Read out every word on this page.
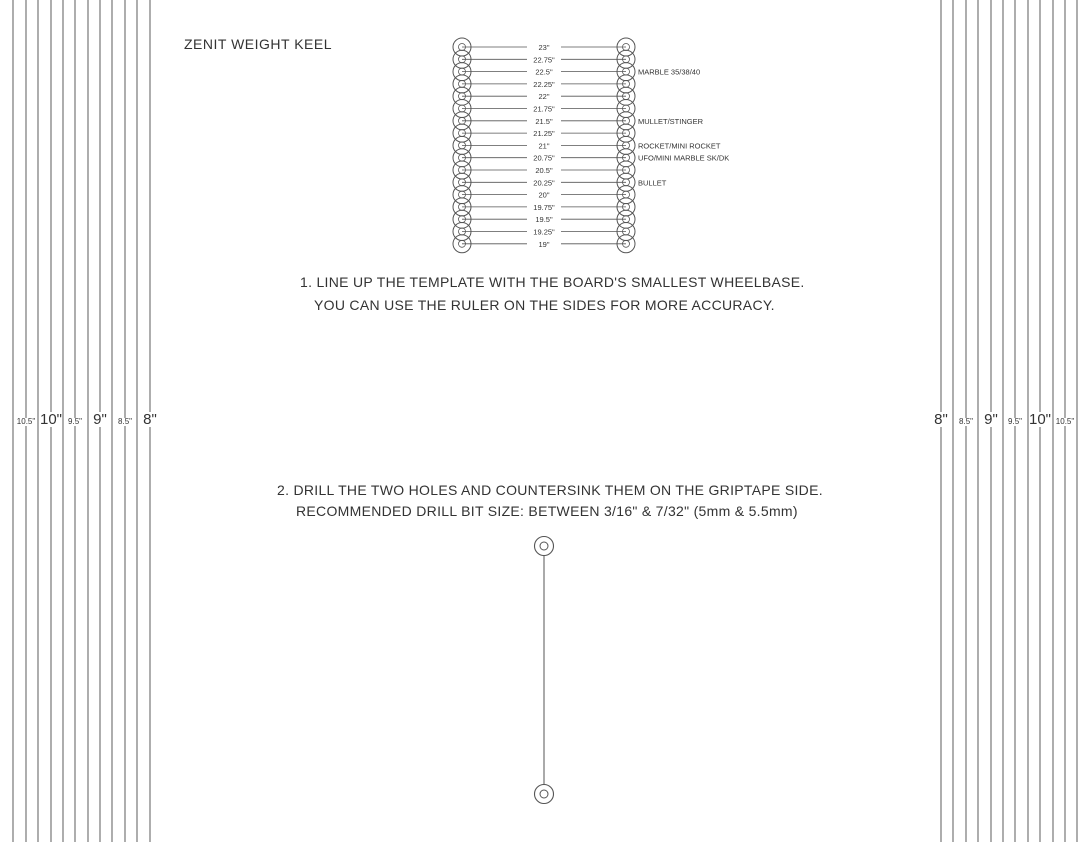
23"
22.75"
22.5"
22.25"
22"
21.75"
21.5"
21.25"
21"
20.75"
20.5"
20.25"
20"
19.75"
19.5"
19.25"
19"
MARBLE 35/38/40
MULLET/STINGER
ROCKET/MINI ROCKET
UFO/MINI MARBLE SK/DK
BULLET
ZENIT WEIGHT KEEL
1. LINE UP THE TEMPLATE WITH THE BOARD'S SMALLEST WHEELBASE.
YOU CAN USE THE RULER ON THE SIDES FOR MORE ACCURACY.
2. DRILL THE TWO HOLES AND COUNTERSINK THEM ON THE GRIPTAPE SIDE.
RECOMMENDED DRILL BIT SIZE: BETWEEN 3/16" & 7/32" (5mm & 5.5mm)
10.5" 10" 9.5" 9" 8.5" 8"	8" 8.5" 9" 9.5" 10" 10.5"
